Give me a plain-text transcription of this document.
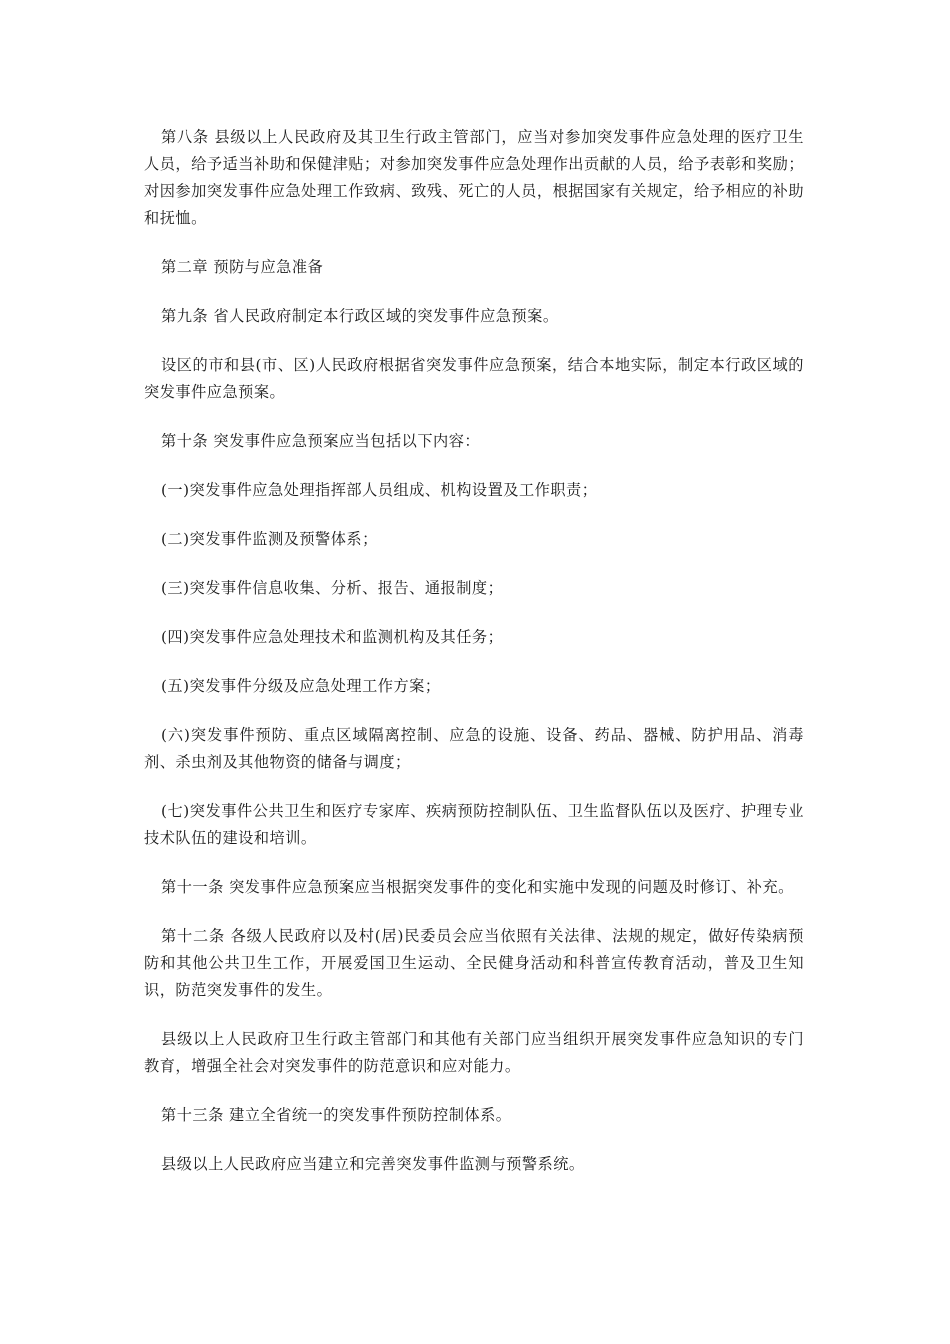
第八条 县级以上人民政府及其卫生行政主管部门，应当对参加突发事件应急处理的医疗卫生人员，给予适当补助和保健津贴；对参加突发事件应急处理作出贡献的人员，给予表彰和奖励；对因参加突发事件应急处理工作致病、致残、死亡的人员，根据国家有关规定，给予相应的补助和抚恤。

第二章 预防与应急准备

第九条 省人民政府制定本行政区域的突发事件应急预案。

设区的市和县(市、区)人民政府根据省突发事件应急预案，结合本地实际，制定本行政区域的突发事件应急预案。

第十条 突发事件应急预案应当包括以下内容：

(一)突发事件应急处理指挥部人员组成、机构设置及工作职责；

(二)突发事件监测及预警体系；

(三)突发事件信息收集、分析、报告、通报制度；

(四)突发事件应急处理技术和监测机构及其任务；

(五)突发事件分级及应急处理工作方案；

(六)突发事件预防、重点区域隔离控制、应急的设施、设备、药品、器械、防护用品、消毒剂、杀虫剂及其他物资的储备与调度；

(七)突发事件公共卫生和医疗专家库、疾病预防控制队伍、卫生监督队伍以及医疗、护理专业技术队伍的建设和培训。

第十一条 突发事件应急预案应当根据突发事件的变化和实施中发现的问题及时修订、补充。

第十二条 各级人民政府以及村(居)民委员会应当依照有关法律、法规的规定，做好传染病预防和其他公共卫生工作，开展爱国卫生运动、全民健身活动和科普宣传教育活动，普及卫生知识，防范突发事件的发生。

县级以上人民政府卫生行政主管部门和其他有关部门应当组织开展突发事件应急知识的专门教育，增强全社会对突发事件的防范意识和应对能力。

第十三条 建立全省统一的突发事件预防控制体系。

县级以上人民政府应当建立和完善突发事件监测与预警系统。
